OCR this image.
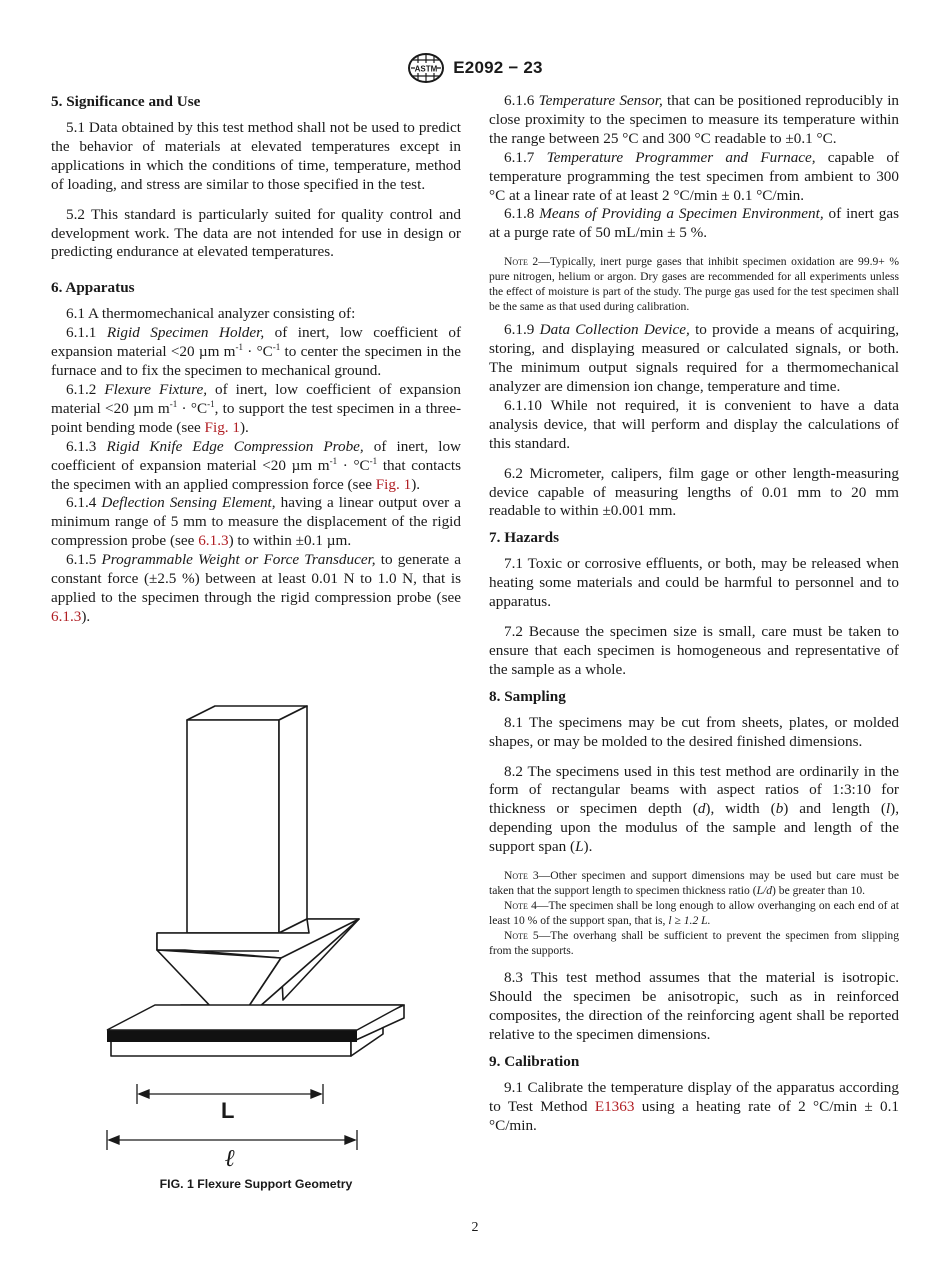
ASTM E2092 − 23
5. Significance and Use

5.1 Data obtained by this test method shall not be used to predict the behavior of materials at elevated temperatures except in applications in which the conditions of time, temperature, method of loading, and stress are similar to those specified in the test.

5.2 This standard is particularly suited for quality control and development work. The data are not intended for use in design or predicting endurance at elevated temperatures.

6. Apparatus

6.1 A thermomechanical analyzer consisting of:

6.1.1 Rigid Specimen Holder, of inert, low coefficient of expansion material <20 µm $m^{-1} \cdot ^\circ C^{-1}$ to center the specimen in the furnace and to fix the specimen to mechanical ground.

6.1.2 Flexure Fixture, of inert, low coefficient of expansion material <20 µm $m^{-1} \cdot ^\circ C^{-1}$, to support the test specimen in a three-point bending mode (see Fig. 1).

6.1.3 Rigid Knife Edge Compression Probe, of inert, low coefficient of expansion material <20 µm $m^{-1} \cdot ^\circ C^{-1}$ that contacts the specimen with an applied compression force (see Fig. 1).

6.1.4 Deflection Sensing Element, having a linear output over a minimum range of 5 mm to measure the displacement of the rigid compression probe (see 6.1.3) to within ±0.1 µm.

6.1.5 Programmable Weight or Force Transducer, to generate a constant force (±2.5 %) between at least 0.01 N to 1.0 N, that is applied to the specimen through the rigid compression probe (see 6.1.3).

L
ℓ
FIG. 1 Flexure Support Geometry

6.1.6 Temperature Sensor, that can be positioned reproducibly in close proximity to the specimen to measure its temperature within the range between 25 °C and 300 °C readable to ±0.1 °C.

6.1.7 Temperature Programmer and Furnace, capable of temperature programming the test specimen from ambient to 300 °C at a linear rate of at least 2 °C/min ± 0.1 °C/min.

6.1.8 Means of Providing a Specimen Environment, of inert gas at a purge rate of 50 mL/min ± 5 %.

Note 2—Typically, inert purge gases that inhibit specimen oxidation are 99.9+ % pure nitrogen, helium or argon. Dry gases are recommended for all experiments unless the effect of moisture is part of the study. The purge gas used for the test specimen shall be the same as that used during calibration.

6.1.9 Data Collection Device, to provide a means of acquiring, storing, and displaying measured or calculated signals, or both. The minimum output signals required for a thermomechanical analyzer are dimension ion change, temperature and time.

6.1.10 While not required, it is convenient to have a data analysis device, that will perform and display the calculations of this standard.

6.2 Micrometer, calipers, film gage or other length-measuring device capable of measuring lengths of 0.01 mm to 20 mm readable to within ±0.001 mm.

7. Hazards

7.1 Toxic or corrosive effluents, or both, may be released when heating some materials and could be harmful to personnel and to apparatus.

7.2 Because the specimen size is small, care must be taken to ensure that each specimen is homogeneous and representative of the sample as a whole.

8. Sampling

8.1 The specimens may be cut from sheets, plates, or molded shapes, or may be molded to the desired finished dimensions.

8.2 The specimens used in this test method are ordinarily in the form of rectangular beams with aspect ratios of 1:3:10 for thickness or specimen depth (d), width (b) and length (l), depending upon the modulus of the sample and length of the support span (L).

Note 3—Other specimen and support dimensions may be used but care must be taken that the support length to specimen thickness ratio (L/d) be greater than 10.

Note 4—The specimen shall be long enough to allow overhanging on each end of at least 10 % of the support span, that is, l ≥ 1.2 L.

Note 5—The overhang shall be sufficient to prevent the specimen from slipping from the supports.

8.3 This test method assumes that the material is isotropic. Should the specimen be anisotropic, such as in reinforced composites, the direction of the reinforcing agent shall be reported relative to the specimen dimensions.

9. Calibration

9.1 Calibrate the temperature display of the apparatus according to Test Method E1363 using a heating rate of 2 °C/min ± 0.1 °C/min.

2
